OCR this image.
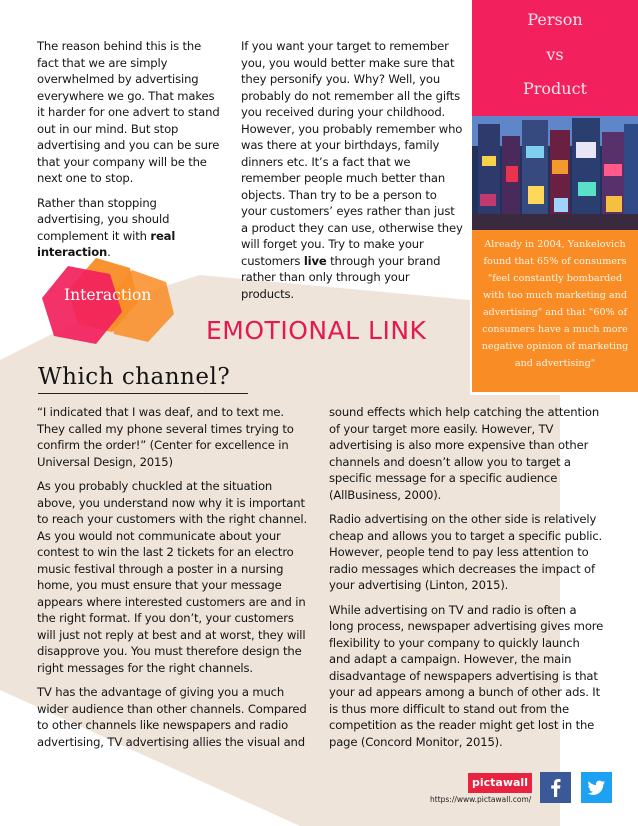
The reason behind this is the fact that we are simply overwhelmed by advertising everywhere we go. That makes it harder for one advert to stand out in our mind. But stop advertising and you can be sure that your company will be the next one to stop.

Rather than stopping advertising, you should complement it with real interaction.

If you want your target to remember you, you would better make sure that they personify you. Why? Well, you probably do not remember all the gifts you received during your childhood. However, you probably remember who was there at your birthdays, family dinners etc. It’s a fact that we remember people much better than objects. Than try to be a person to your customers’ eyes rather than just a product they can use, otherwise they will forget you. Try to make your customers live through your brand rather than only through your products.

Person
vs
Product
Already in 2004, Yankelovich found that 65% of consumers "feel constantly bombarded with too much marketing and advertising" and that "60% of consumers have a much more negative opinion of marketing and advertising"
Interaction
EMOTIONAL LINK
Which channel?

“I indicated that I was deaf, and to text me. They called my phone several times trying to confirm the order!” (Center for excellence in Universal Design, 2015)

As you probably chuckled at the situation above, you understand now why it is important to reach your customers with the right channel. As you would not communicate about your contest to win the last 2 tickets for an electro music festival through a poster in a nursing home, you must ensure that your message appears where interested customers are and in the right format. If you don’t, your customers will just not reply at best and at worst, they will disapprove you. You must therefore design the right messages for the right channels.

TV has the advantage of giving you a much wider audience than other channels. Compared to other channels like newspapers and radio advertising, TV advertising allies the visual and

sound effects which help catching the attention of your target more easily. However, TV advertising is also more expensive than other channels and doesn’t allow you to target a specific message for a specific audience (AllBusiness, 2000).

Radio advertising on the other side is relatively cheap and allows you to target a specific public. However, people tend to pay less attention to radio messages which decreases the impact of your advertising (Linton, 2015).

While advertising on TV and radio is often a long process, newspaper advertising gives more flexibility to your company to quickly launch and adapt a campaign. However, the main disadvantage of newspapers advertising is that your ad appears among a bunch of other ads. It is thus more difficult to stand out from the competition as the reader might get lost in the page (Concord Monitor, 2015).

pictawall
https://www.pictawall.com/
